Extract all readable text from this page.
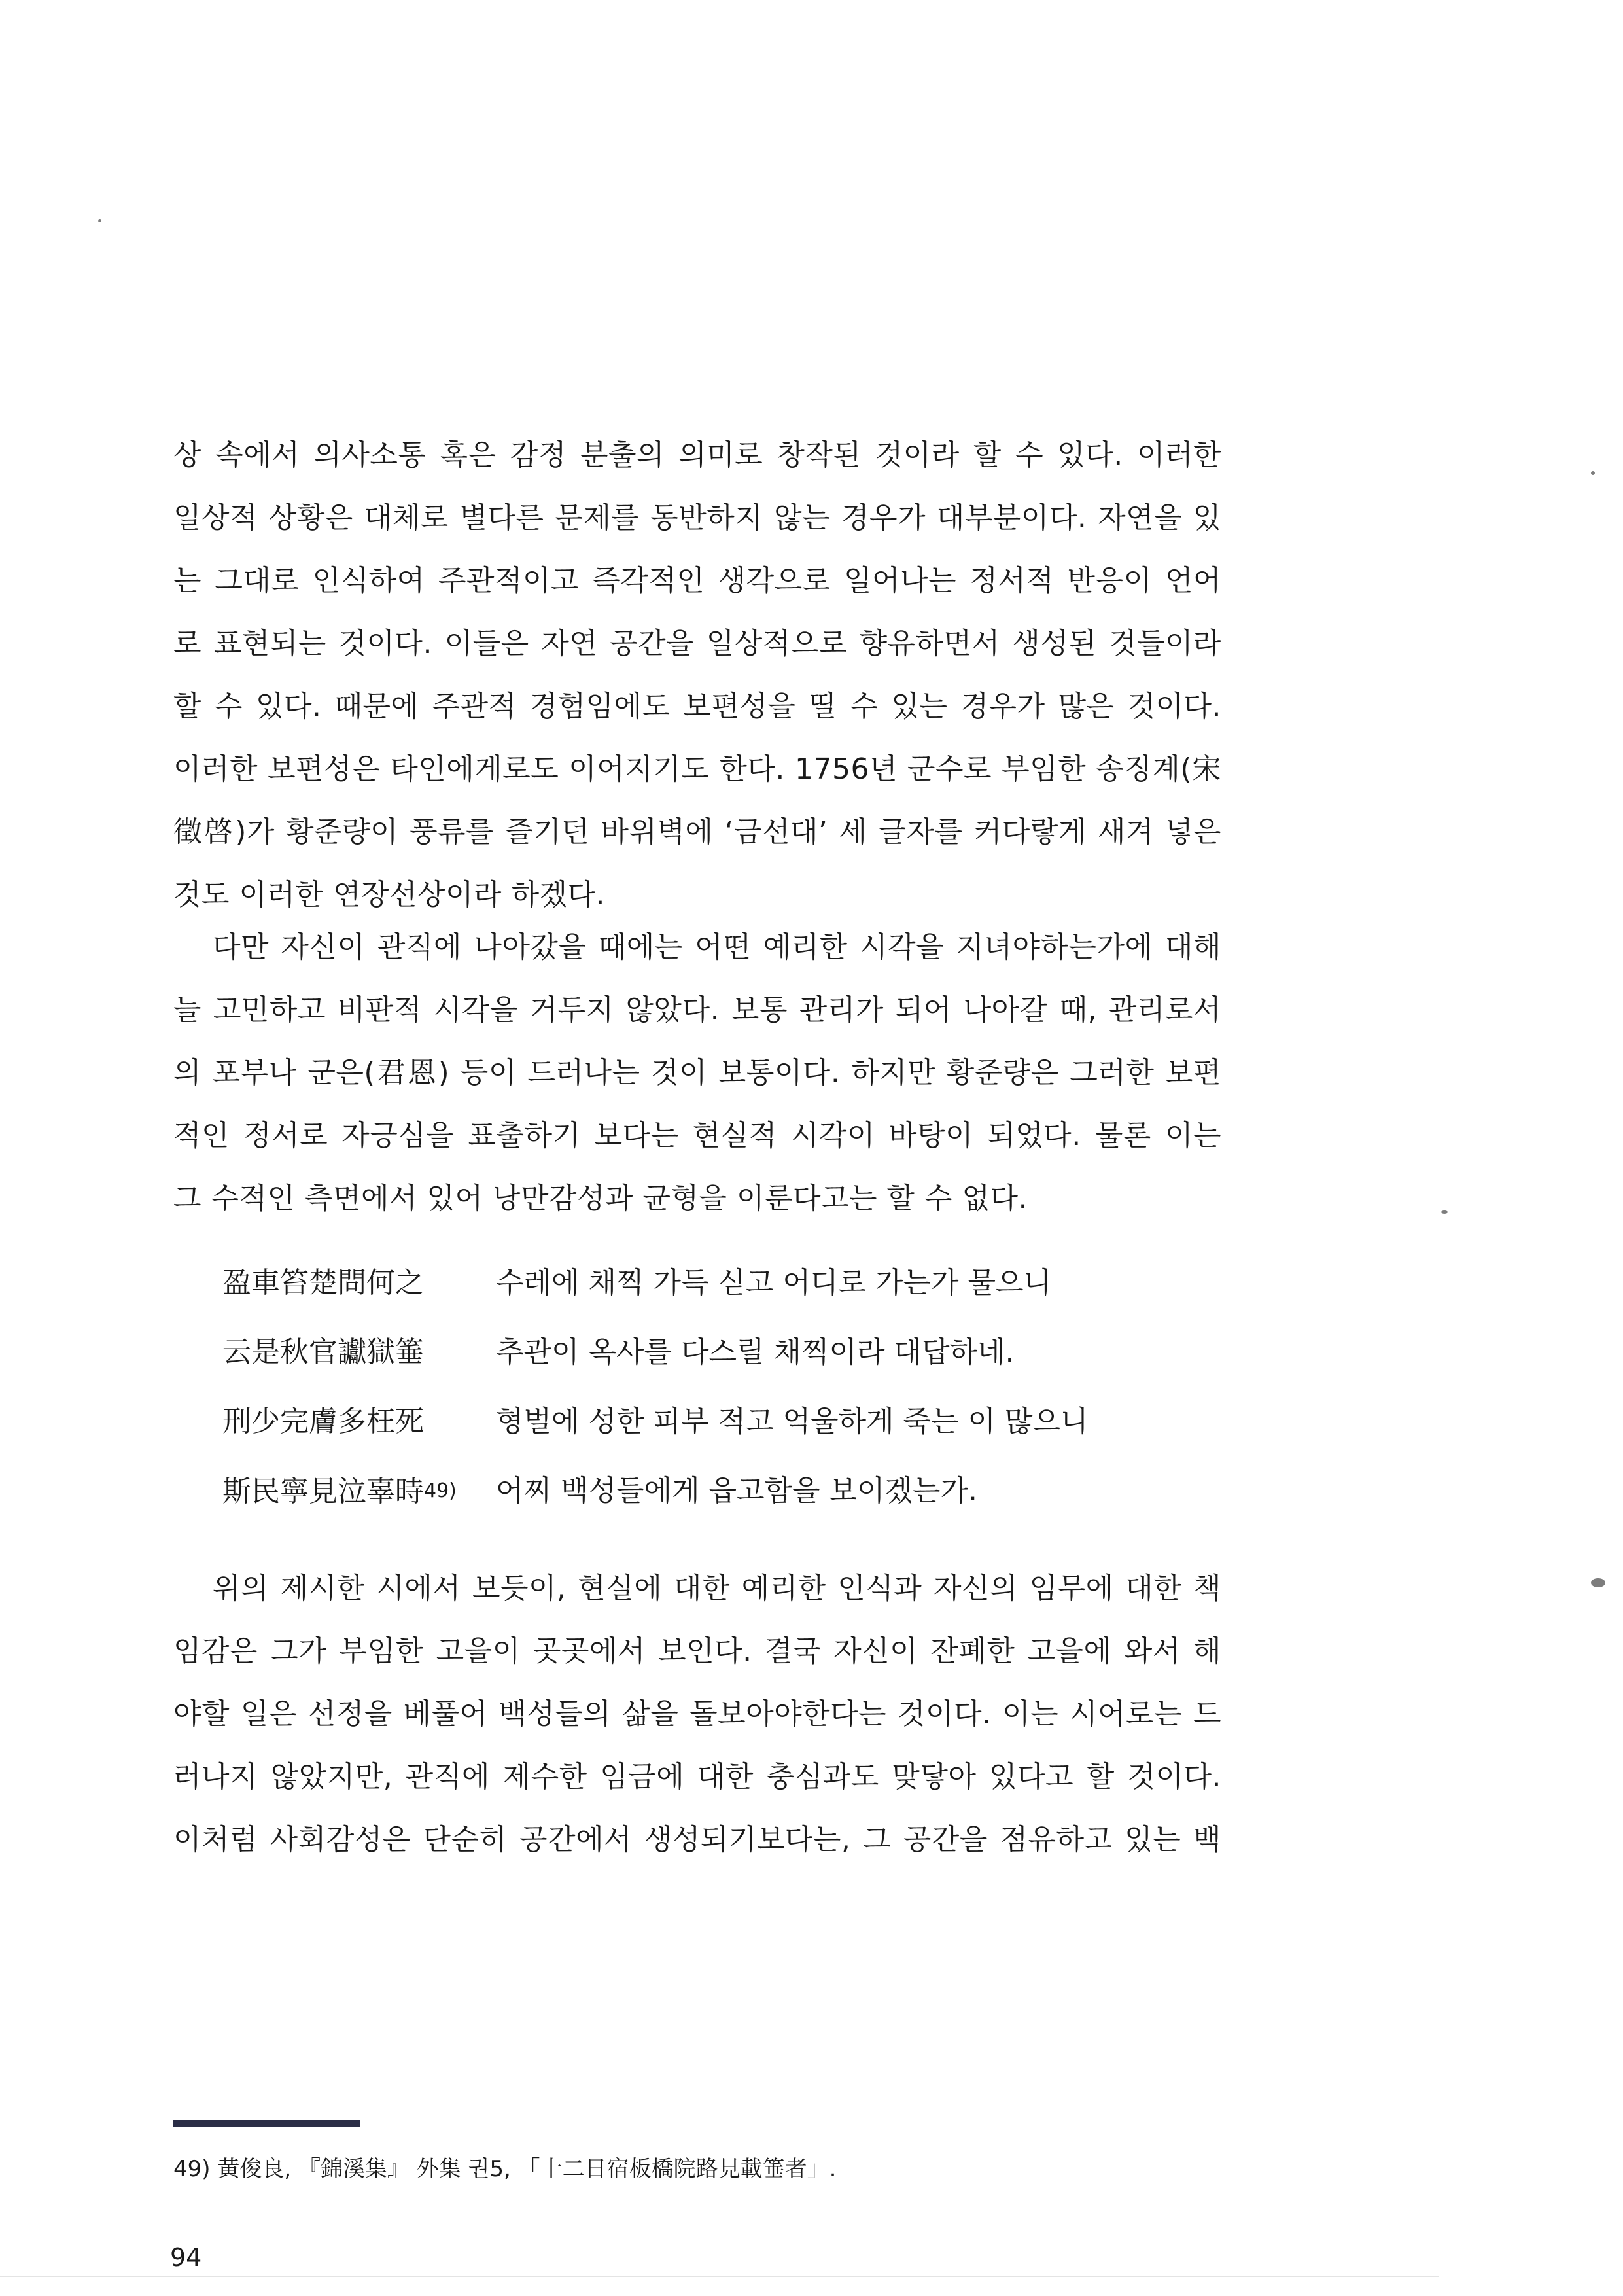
상 속에서 의사소통 혹은 감정 분출의 의미로 창작된 것이라 할 수 있다. 이러한
일상적 상황은 대체로 별다른 문제를 동반하지 않는 경우가 대부분이다. 자연을 있
는 그대로 인식하여 주관적이고 즉각적인 생각으로 일어나는 정서적 반응이 언어
로 표현되는 것이다. 이들은 자연 공간을 일상적으로 향유하면서 생성된 것들이라
할 수 있다. 때문에 주관적 경험임에도 보편성을 띨 수 있는 경우가 많은 것이다.
이러한 보편성은 타인에게로도 이어지기도 한다. 1756년 군수로 부임한 송징계(宋
徵啓)가 황준량이 풍류를 즐기던 바위벽에 ‘금선대’ 세 글자를 커다랗게 새겨 넣은
것도 이러한 연장선상이라 하겠다.

다만 자신이 관직에 나아갔을 때에는 어떤 예리한 시각을 지녀야하는가에 대해
늘 고민하고 비판적 시각을 거두지 않았다. 보통 관리가 되어 나아갈 때, 관리로서
의 포부나 군은(君恩) 등이 드러나는 것이 보통이다. 하지만 황준량은 그러한 보편
적인 정서로 자긍심을 표출하기 보다는 현실적 시각이 바탕이 되었다. 물론 이는
그 수적인 측면에서 있어 낭만감성과 균형을 이룬다고는 할 수 없다.

盈車笞楚問何之	수레에 채찍 가득 싣고 어디로 가는가 물으니
云是秋官讞獄箠	추관이 옥사를 다스릴 채찍이라 대답하네.
刑少完膚多枉死	형벌에 성한 피부 적고 억울하게 죽는 이 많으니
斯民寧見泣辜時49)	어찌 백성들에게 읍고함을 보이겠는가.

위의 제시한 시에서 보듯이, 현실에 대한 예리한 인식과 자신의 임무에 대한 책
임감은 그가 부임한 고을이 곳곳에서 보인다. 결국 자신이 잔폐한 고을에 와서 해
야할 일은 선정을 베풀어 백성들의 삶을 돌보아야한다는 것이다. 이는 시어로는 드
러나지 않았지만, 관직에 제수한 임금에 대한 충심과도 맞닿아 있다고 할 것이다.
이처럼 사회감성은 단순히 공간에서 생성되기보다는, 그 공간을 점유하고 있는 백

49) 黃俊良, 『錦溪集』 外集 권5, 「十二日宿板橋院路見載箠者」.
94
